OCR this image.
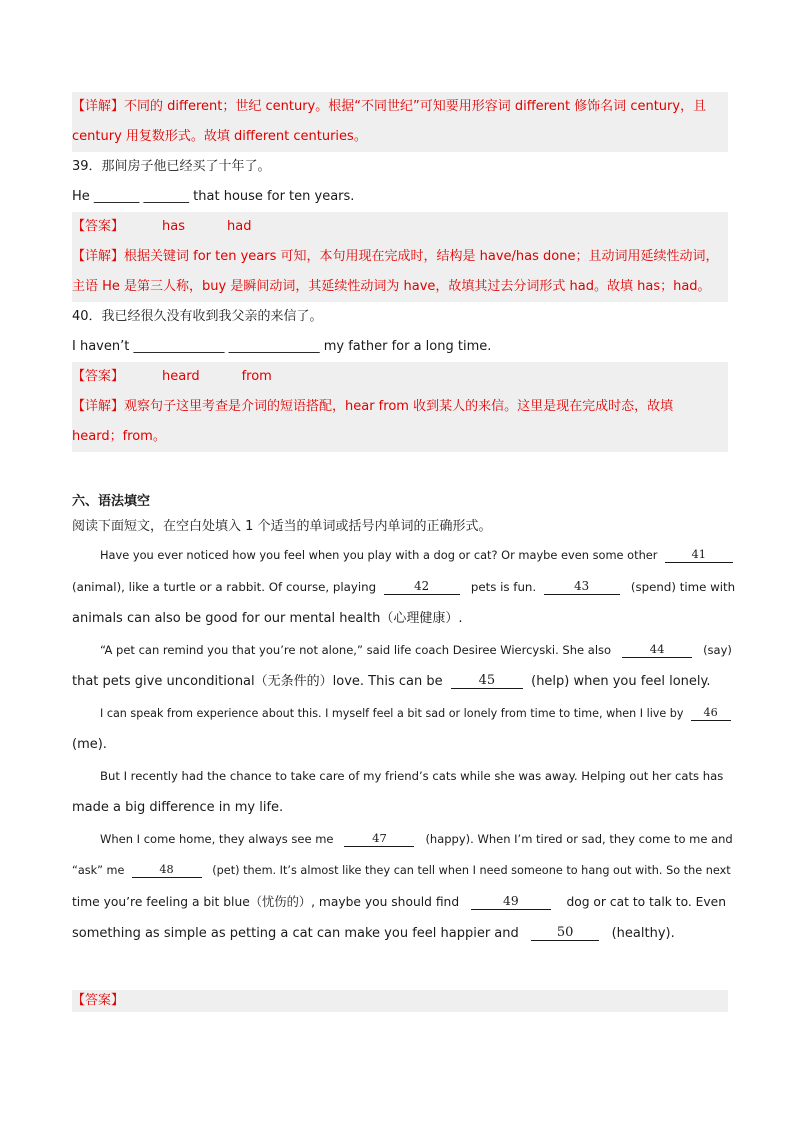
【详解】不同的 different；世纪 century。根据“不同世纪”可知要用形容词 different 修饰名词 century，且
century 用复数形式。故填 different centuries。
39．那间房子他已经买了十年了。
He _______ _______ that house for ten years.
【答案】	has	had
【详解】根据关键词 for ten years 可知，本句用现在完成时，结构是 have/has done；且动词用延续性动词，
主语 He 是第三人称，buy 是瞬间动词，其延续性动词为 have，故填其过去分词形式 had。故填 has；had。
40．我已经很久没有收到我父亲的来信了。
I haven’t ______________ ______________ my father for a long time.
【答案】	heard	from
【详解】观察句子这里考查是介词的短语搭配，hear from 收到某人的来信。这里是现在完成时态，故填
heard；from。
六、语法填空
阅读下面短文，在空白处填入 1 个适当的单词或括号内单词的正确形式。
Have you ever noticed how you feel when you play with a dog or cat? Or maybe even some other	41
(animal), like a turtle or a rabbit. Of course, playing	42	pets is fun.	43	(spend) time with
animals can also be good for our mental health（心理健康）.
“A pet can remind you that you’re not alone,” said life coach Desiree Wiercyski. She also	44	(say)
that pets give unconditional（无条件的）love. This can be	45	(help) when you feel lonely.
I can speak from experience about this. I myself feel a bit sad or lonely from time to time, when I live by 46
(me).
But I recently had the chance to take care of my friend’s cats while she was away. Helping out her cats has
made a big difference in my life.
When I come home, they always see me	47	(happy). When I’m tired or sad, they come to me and
“ask” me	48	(pet) them. It’s almost like they can tell when I need someone to hang out with. So the next
time you’re feeling a bit blue（忧伤的）, maybe you should find	49	dog or cat to talk to. Even
something as simple as petting a cat can make you feel happier and	50	(healthy).
【答案】
